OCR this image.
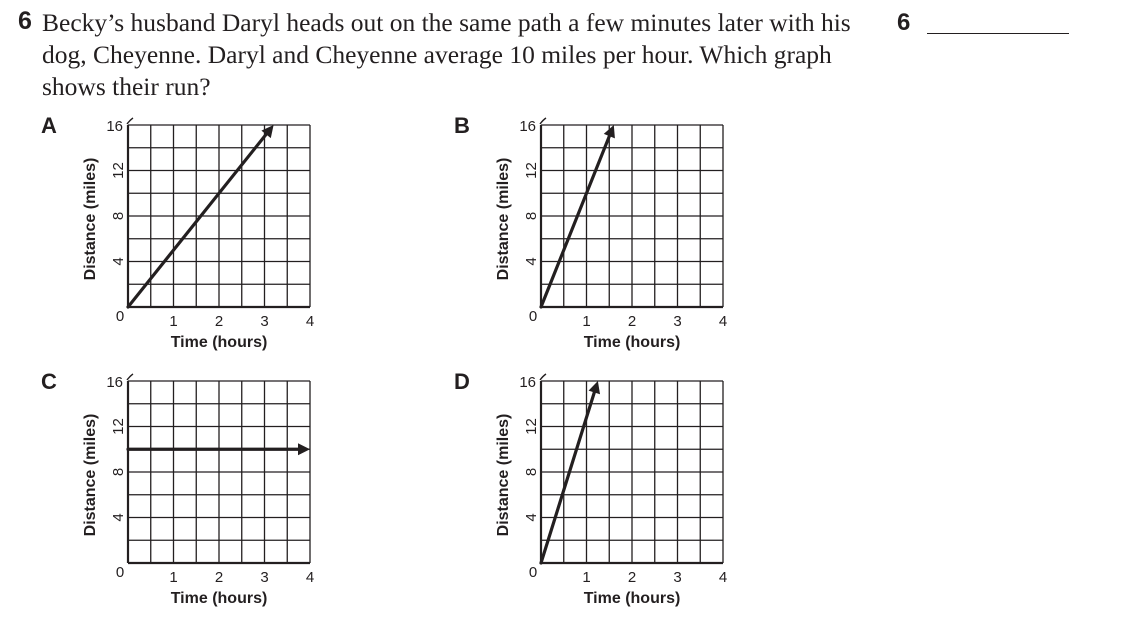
6 Becky’s husband Daryl heads out on the same path a few minutes later with his dog, Cheyenne. Daryl and Cheyenne average 10 miles per hour. Which graph shows their run?
6
A
0	1 2 3 4
4
8
12
16
Time (hours)
Distance (miles)
B
0	1 2 3 4
4
8
12
16
Time (hours)
Distance (miles)
C
0	1 2 3 4
4
8
12
16
Time (hours)
Distance (miles)
D
0	1 2 3 4
4
8
12
16
Time (hours)
Distance (miles)
